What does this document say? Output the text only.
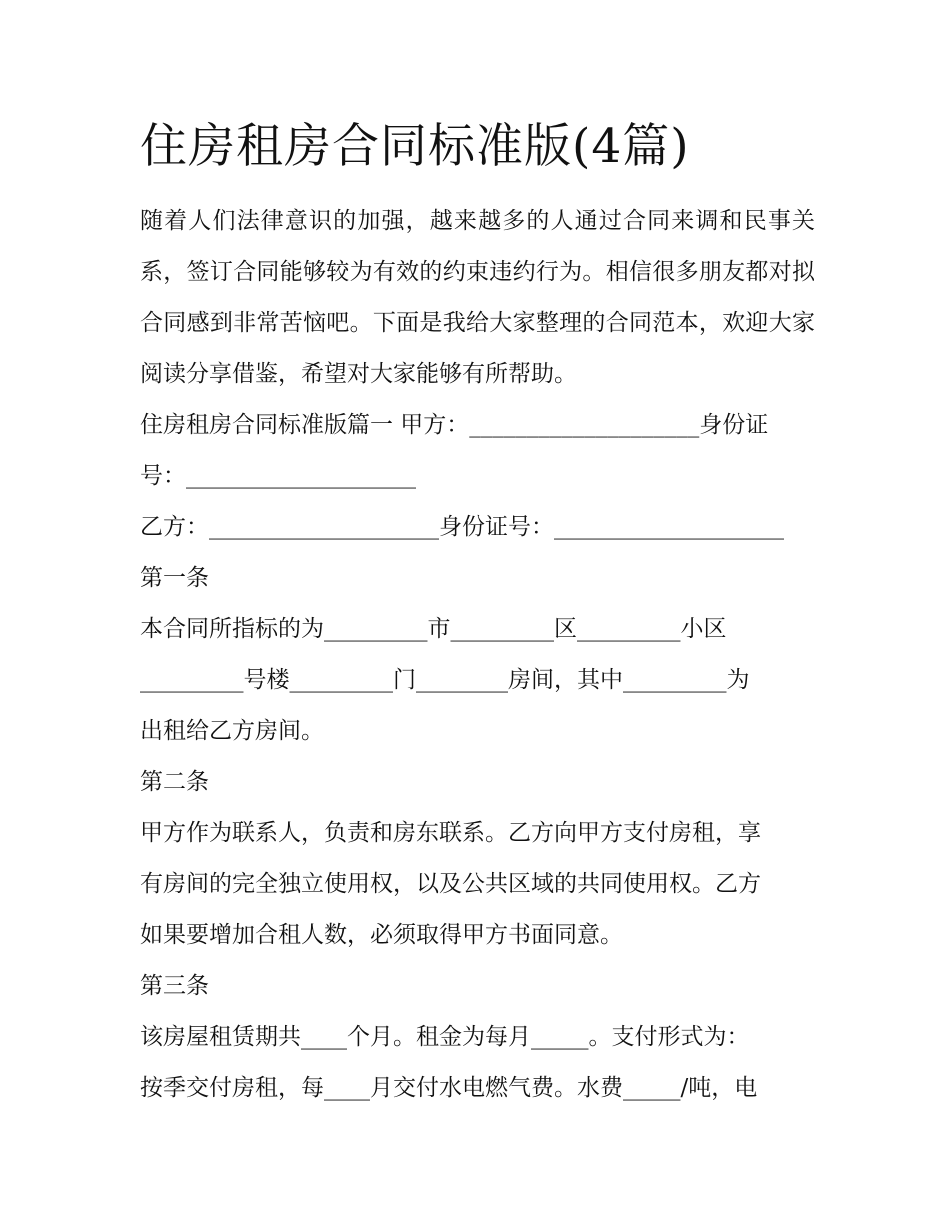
住房租房合同标准版(4篇)

随着人们法律意识的加强，越来越多的人通过合同来调和民事关系，签订合同能够较为有效的约束违约行为。相信很多朋友都对拟合同感到非常苦恼吧。下面是我给大家整理的合同范本，欢迎大家阅读分享借鉴，希望对大家能够有所帮助。

住房租房合同标准版篇一 甲方：____________________身份证

号：____________________

乙方：____________________身份证号：____________________

第一条

本合同所指标的为_________市_________区_________小区

_________号楼_________门________房间，其中_________为

出租给乙方房间。

第二条

甲方作为联系人，负责和房东联系。乙方向甲方支付房租，享

有房间的完全独立使用权，以及公共区域的共同使用权。乙方

如果要增加合租人数，必须取得甲方书面同意。

第三条

该房屋租赁期共____个月。租金为每月_____。支付形式为：

按季交付房租，每____月交付水电燃气费。水费_____/吨，电
